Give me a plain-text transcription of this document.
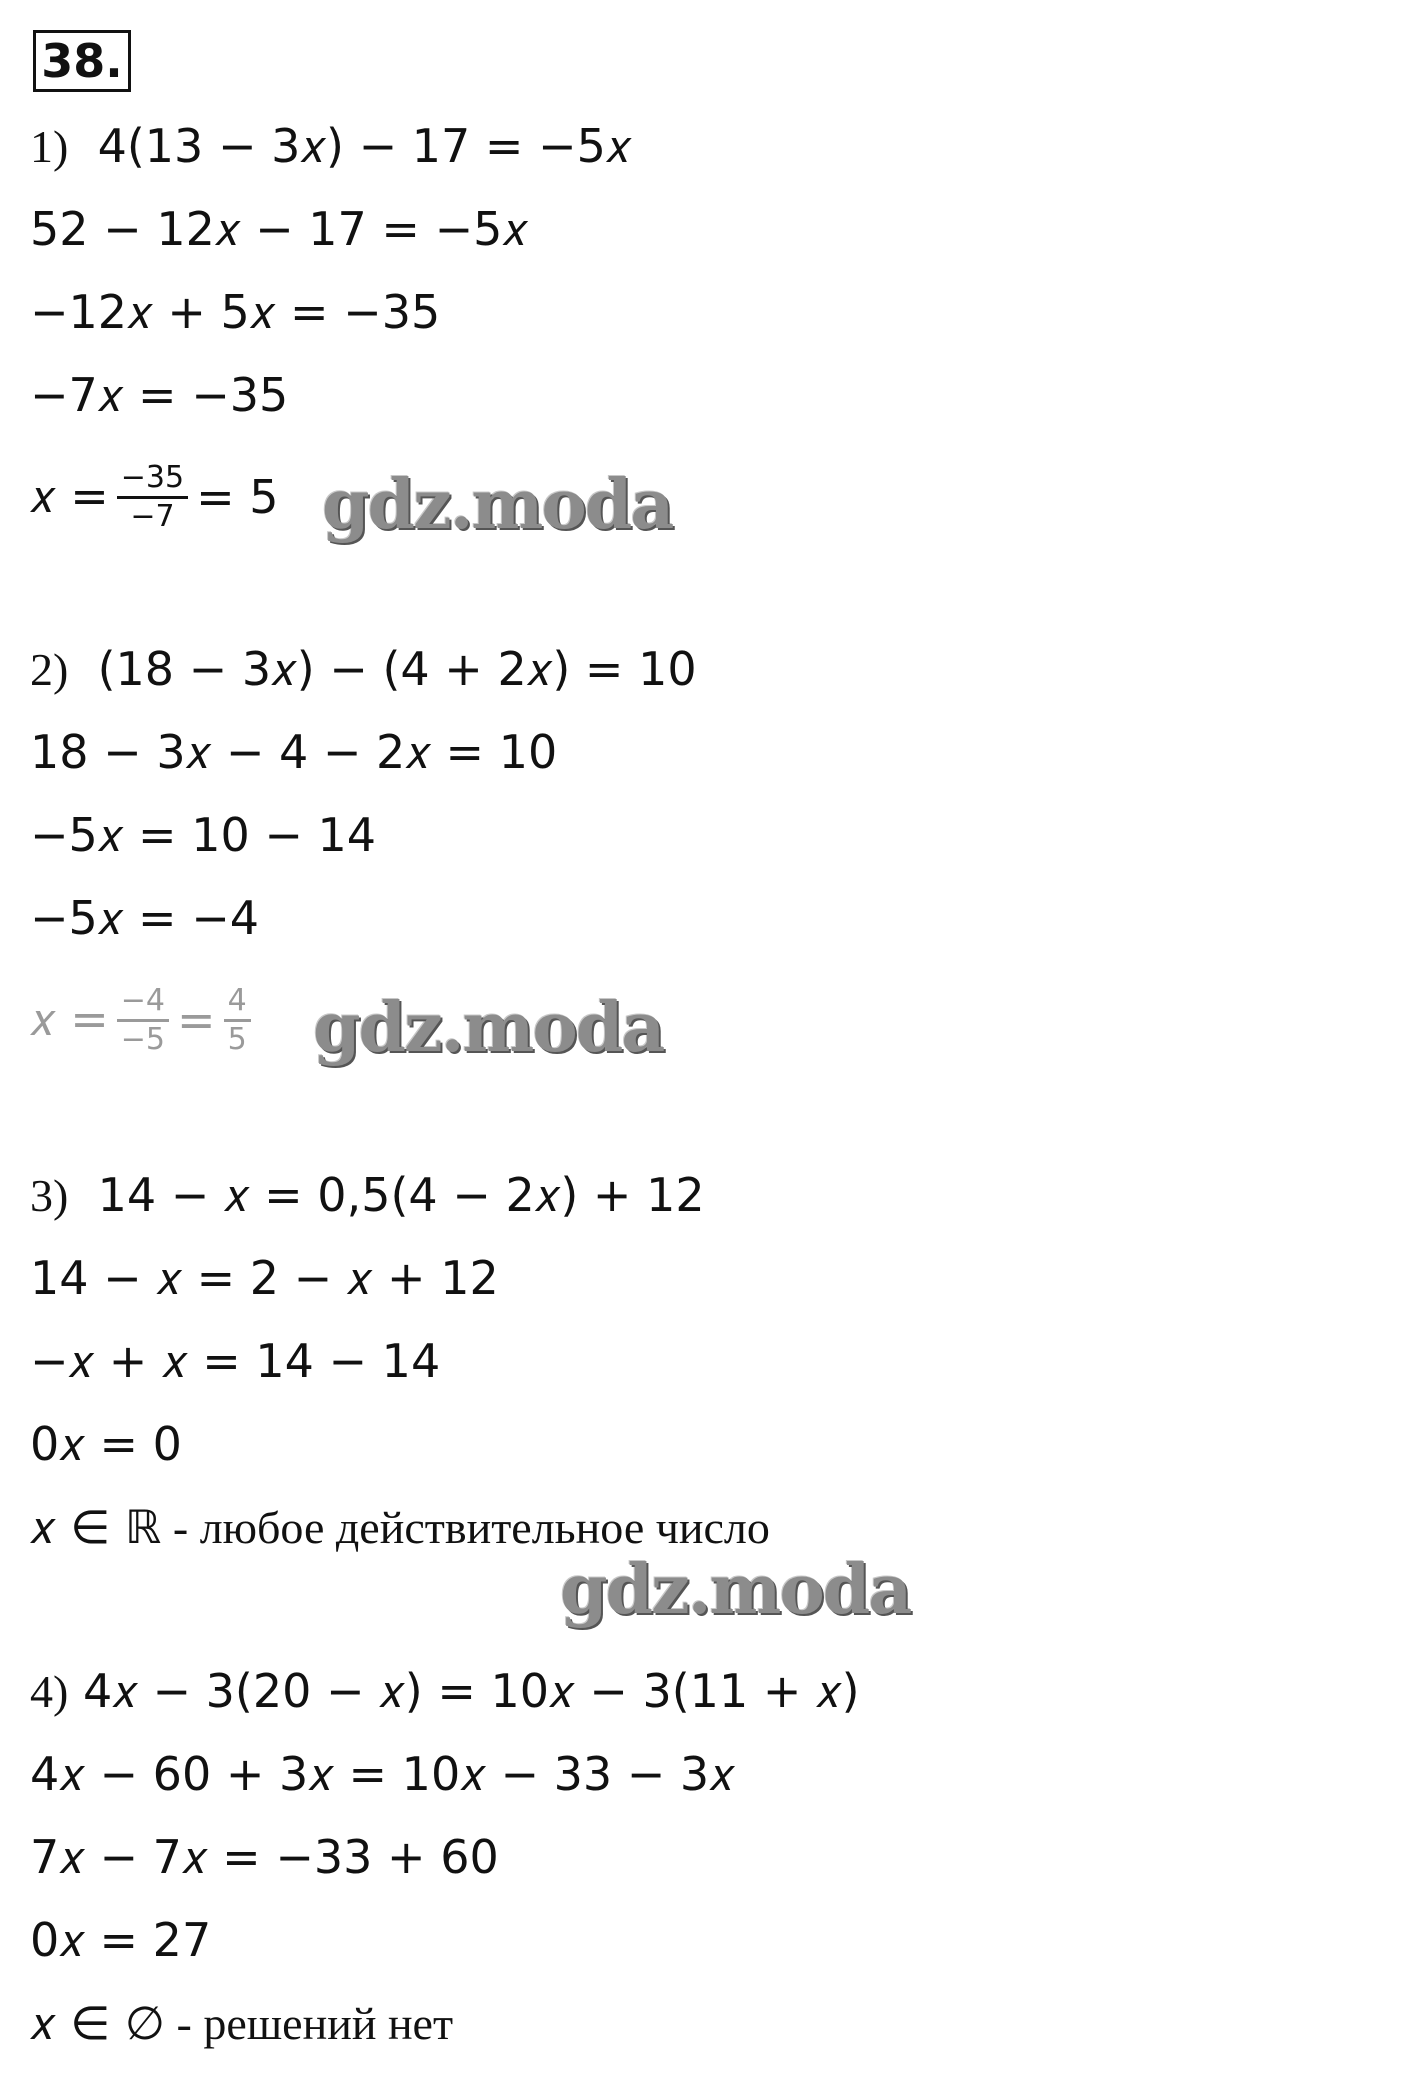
38.
1) 4(13 − 3𝑥) − 17 = −5𝑥
52 − 12𝑥 − 17 = −5𝑥
−12𝑥 + 5𝑥 = −35
−7𝑥 = −35
𝑥 = $\frac{-35}{-7} = 5$ gdz.moda
2) (18 − 3𝑥) − (4 + 2𝑥) = 10
18 − 3𝑥 − 4 − 2𝑥 = 10
−5𝑥 = 10 − 14
−5𝑥 = −4
𝑥 = $\frac{-4}{-5} = \frac{4}{5}$ gdz.moda
3) 14 − 𝑥 = 0,5(4 − 2𝑥) + 12
14 − 𝑥 = 2 − 𝑥 + 12
−𝑥 + 𝑥 = 14 − 14
0𝑥 = 0
𝑥 ∈ ℝ - любое действительное число
gdz.moda
4) 4𝑥 − 3(20 − 𝑥) = 10𝑥 − 3(11 + 𝑥)
4𝑥 − 60 + 3𝑥 = 10𝑥 − 33 − 3𝑥
7𝑥 − 7𝑥 = −33 + 60
0𝑥 = 27
𝑥 ∈ ∅ - решений нет
